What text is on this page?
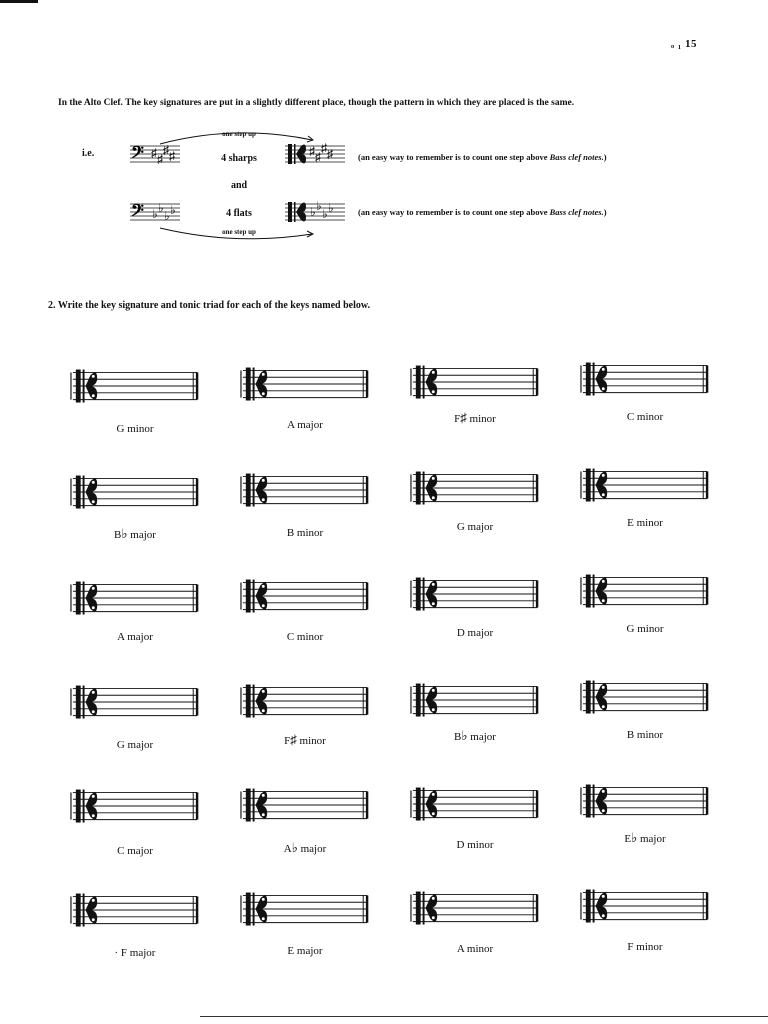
ₒ ₁ 15
In the Alto Clef. The key signatures are put in a slightly different place, though the pattern in which they are placed is the same.
i.e. 𝄢 ♯ ♯
♯ ♯	♯ ♯
♯ ♯
𝄢 ♭ ♭
♭ ♭	♭ ♭
♭ ♭
one step up
4 sharps
and
4 flats
one step up
(an easy way to remember is to count one step above Bass clef notes.)
(an easy way to remember is to count one step above Bass clef notes.)
2. Write the key signature and tonic triad for each of the keys named below.
G minor	A major	F♯ minor	C minor
B♭ major	B minor	G major	E minor
A major	C minor	D major	G minor
G major	F♯ minor	B♭ major	B minor
C major	A♭ major	D minor	E♭ major
· F major	E major	A minor	F minor
